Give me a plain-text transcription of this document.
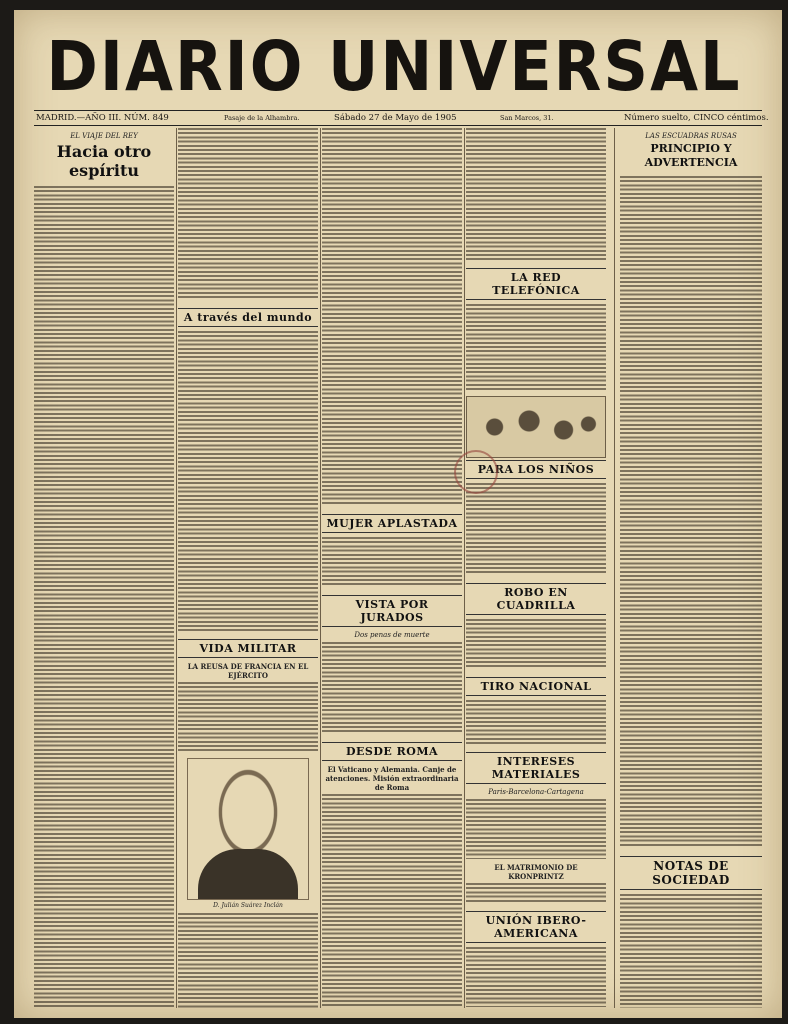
DIARIO UNIVERSAL
MADRID.—AÑO III. NÚM. 849	Pasaje de la Alhambra.	Sábado 27 de Mayo de 1905	San Marcos, 31.	Número suelto, CINCO céntimos.
EL VIAJE DEL REY
Hacia otro espíritu
A través del mundo
VIDA MILITAR
LA REUSA DE FRANCIA EN EL EJÉRCITO
D. Julián Suárez Inclán
MUJER APLASTADA
VISTA POR JURADOS
Dos penas de muerte
DESDE ROMA
El Vaticano y Alemania. Canje de atenciones. Misión extraordinaria de Roma
LA RED TELEFÓNICA
PARA LOS NIÑOS
ROBO EN CUADRILLA
TIRO NACIONAL
INTERESES MATERIALES
Paris-Barcelona-Cartagena
EL MATRIMONIO DE KRONPRINTZ
UNIÓN IBERO-AMERICANA
LAS ESCUADRAS RUSAS
PRINCIPIO Y ADVERTENCIA
NOTAS DE SOCIEDAD
